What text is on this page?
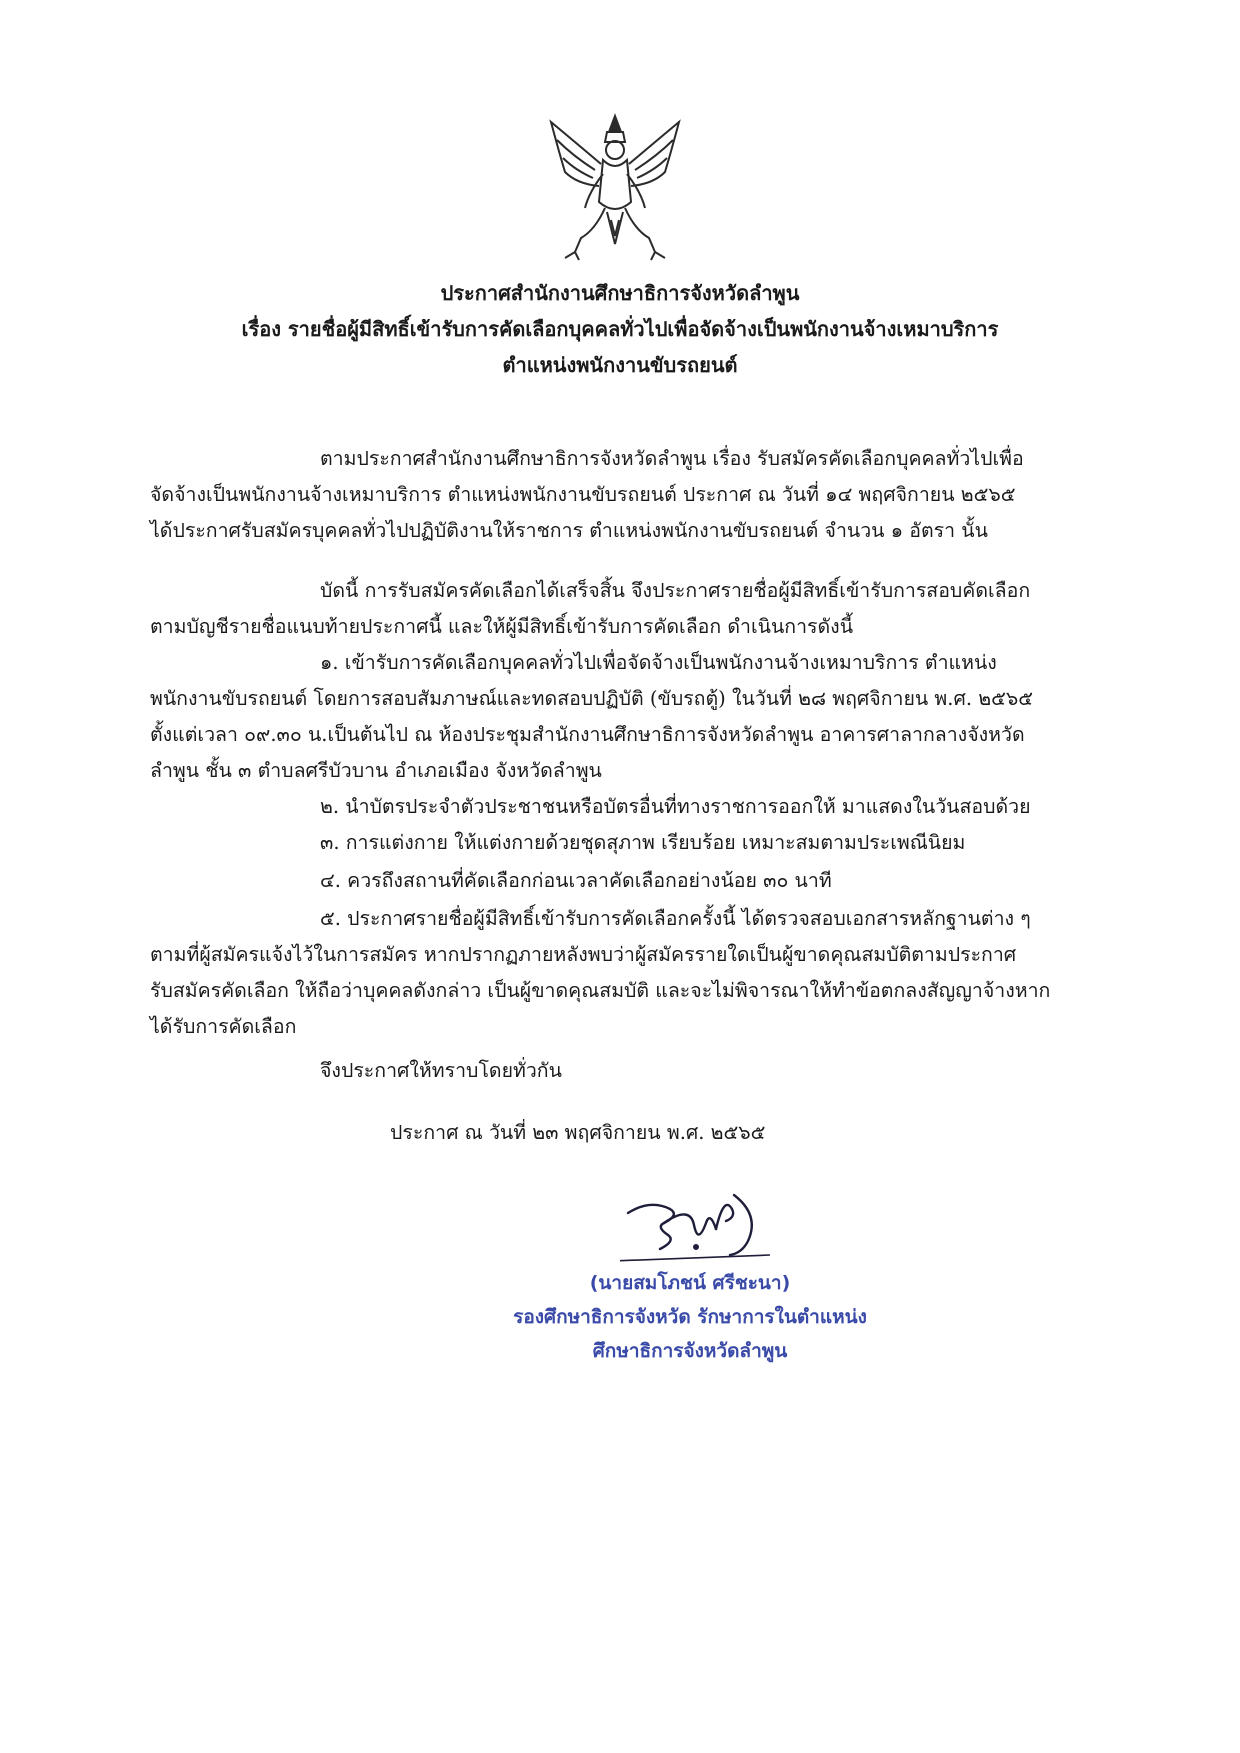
ประกาศสำนักงานศึกษาธิการจังหวัดลำพูน
เรื่อง รายชื่อผู้มีสิทธิ์เข้ารับการคัดเลือกบุคคลทั่วไปเพื่อจัดจ้างเป็นพนักงานจ้างเหมาบริการ
ตำแหน่งพนักงานขับรถยนต์
ตามประกาศสำนักงานศึกษาธิการจังหวัดลำพูน เรื่อง รับสมัครคัดเลือกบุคคลทั่วไปเพื่อ
จัดจ้างเป็นพนักงานจ้างเหมาบริการ ตำแหน่งพนักงานขับรถยนต์ ประกาศ ณ วันที่ ๑๔ พฤศจิกายน ๒๕๖๕
ได้ประกาศรับสมัครบุคคลทั่วไปปฏิบัติงานให้ราชการ ตำแหน่งพนักงานขับรถยนต์ จำนวน ๑ อัตรา นั้น
บัดนี้ การรับสมัครคัดเลือกได้เสร็จสิ้น จึงประกาศรายชื่อผู้มีสิทธิ์เข้ารับการสอบคัดเลือก
ตามบัญชีรายชื่อแนบท้ายประกาศนี้ และให้ผู้มีสิทธิ์เข้ารับการคัดเลือก ดำเนินการดังนี้
๑. เข้ารับการคัดเลือกบุคคลทั่วไปเพื่อจัดจ้างเป็นพนักงานจ้างเหมาบริการ ตำแหน่ง
พนักงานขับรถยนต์ โดยการสอบสัมภาษณ์และทดสอบปฏิบัติ (ขับรถตู้) ในวันที่ ๒๘ พฤศจิกายน พ.ศ. ๒๕๖๕
ตั้งแต่เวลา ๐๙.๓๐ น.เป็นต้นไป ณ ห้องประชุมสำนักงานศึกษาธิการจังหวัดลำพูน อาคารศาลากลางจังหวัด
ลำพูน ชั้น ๓ ตำบลศรีบัวบาน อำเภอเมือง จังหวัดลำพูน
๒. นำบัตรประจำตัวประชาชนหรือบัตรอื่นที่ทางราชการออกให้ มาแสดงในวันสอบด้วย
๓. การแต่งกาย ให้แต่งกายด้วยชุดสุภาพ เรียบร้อย เหมาะสมตามประเพณีนิยม
๔. ควรถึงสถานที่คัดเลือกก่อนเวลาคัดเลือกอย่างน้อย ๓๐ นาที
๕. ประกาศรายชื่อผู้มีสิทธิ์เข้ารับการคัดเลือกครั้งนี้ ได้ตรวจสอบเอกสารหลักฐานต่าง ๆ
ตามที่ผู้สมัครแจ้งไว้ในการสมัคร หากปรากฏภายหลังพบว่าผู้สมัครรายใดเป็นผู้ขาดคุณสมบัติตามประกาศ
รับสมัครคัดเลือก ให้ถือว่าบุคคลดังกล่าว เป็นผู้ขาดคุณสมบัติ และจะไม่พิจารณาให้ทำข้อตกลงสัญญาจ้างหาก
ได้รับการคัดเลือก
จึงประกาศให้ทราบโดยทั่วกัน
ประกาศ ณ วันที่ ๒๓ พฤศจิกายน พ.ศ. ๒๕๖๕
(นายสมโภชน์ ศรีชะนา)
รองศึกษาธิการจังหวัด รักษาการในตำแหน่ง
ศึกษาธิการจังหวัดลำพูน
